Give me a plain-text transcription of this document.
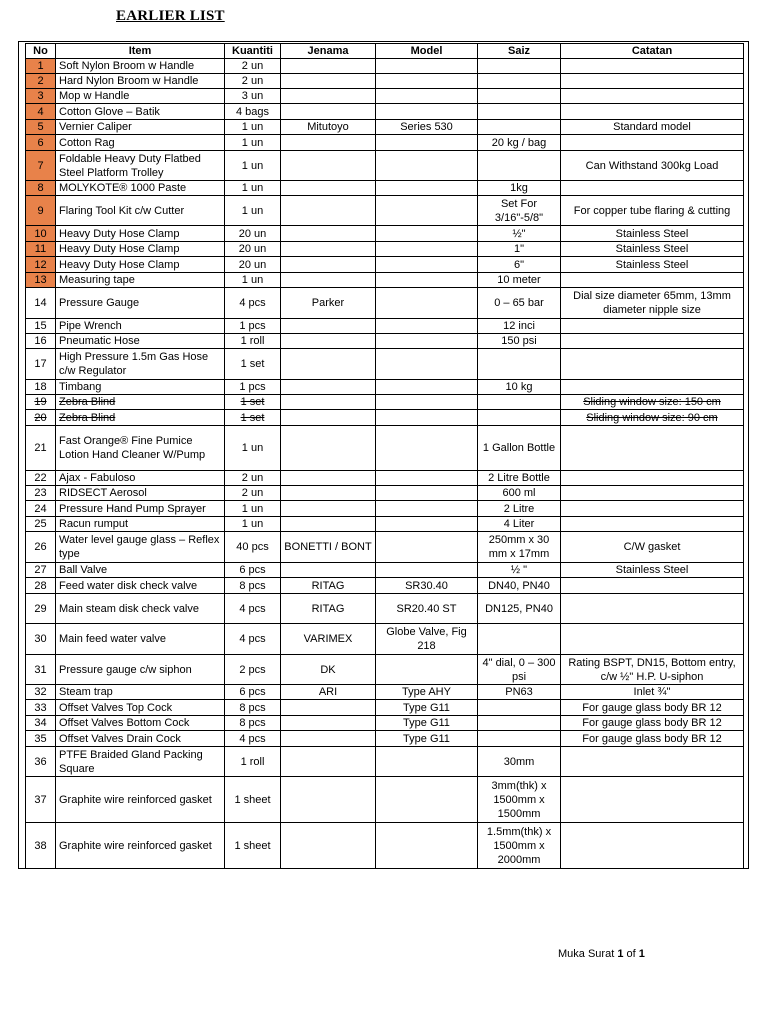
EARLIER LIST
No	Item	Kuantiti	Jenama	Model	Saiz	Catatan
1	Soft Nylon Broom w Handle	2 un				
2	Hard Nylon Broom w Handle	2 un				
3	Mop w Handle	3 un				
4	Cotton Glove – Batik	4 bags				
5	Vernier Caliper	1 un	Mitutoyo	Series 530		Standard model
6	Cotton Rag	1 un			20 kg / bag	
7	Foldable Heavy Duty Flatbed Steel Platform Trolley	1 un				Can Withstand 300kg Load
8	MOLYKOTE® 1000 Paste	1 un			1kg	
9	Flaring Tool Kit c/w Cutter	1 un			Set For 3/16"-5/8"	For copper tube flaring & cutting
10	Heavy Duty Hose Clamp	20 un			½"	Stainless Steel
11	Heavy Duty Hose Clamp	20 un			1"	Stainless Steel
12	Heavy Duty Hose Clamp	20 un			6"	Stainless Steel
13	Measuring tape	1 un			10 meter	
14	Pressure Gauge	4 pcs	Parker		0 – 65 bar	Dial size diameter 65mm, 13mm diameter nipple size
15	Pipe Wrench	1 pcs			12 inci	
16	Pneumatic Hose	1 roll			150 psi	
17	High Pressure 1.5m Gas Hose c/w Regulator	1 set				
18	Timbang	1 pcs			10 kg	
19	Zebra Blind	1 set				Sliding window size: 150 cm
20	Zebra Blind	1 set				Sliding window size: 90 cm
21	Fast Orange® Fine Pumice Lotion Hand Cleaner W/Pump	1 un			1 Gallon Bottle	
22	Ajax - Fabuloso	2 un			2 Litre Bottle	
23	RIDSECT Aerosol	2 un			600 ml	
24	Pressure Hand Pump Sprayer	1 un			2 Litre	
25	Racun rumput	1 un			4 Liter	
26	Water level gauge glass – Reflex type	40 pcs	BONETTI / BONT		250mm x 30 mm x 17mm	C/W gasket
27	Ball Valve	6 pcs			½ "	Stainless Steel
28	Feed water disk check valve	8 pcs	RITAG	SR30.40	DN40, PN40	
29	Main steam disk check valve	4 pcs	RITAG	SR20.40 ST	DN125, PN40	
30	Main feed water valve	4 pcs	VARIMEX	Globe Valve, Fig 218		
31	Pressure gauge c/w siphon	2 pcs	DK		4" dial, 0 – 300 psi	Rating BSPT, DN15, Bottom entry, c/w ½" H.P. U-siphon
32	Steam trap	6 pcs	ARI	Type AHY	PN63	Inlet ¾"
33	Offset Valves Top Cock	8 pcs		Type G11		For gauge glass body BR 12
34	Offset Valves Bottom Cock	8 pcs		Type G11		For gauge glass body BR 12
35	Offset Valves Drain Cock	4 pcs		Type G11		For gauge glass body BR 12
36	PTFE Braided Gland Packing Square	1 roll			30mm	
37	Graphite wire reinforced gasket	1 sheet			3mm(thk) x 1500mm x 1500mm	
38	Graphite wire reinforced gasket	1 sheet			1.5mm(thk) x 1500mm x 2000mm	
Muka Surat 1 of 1
